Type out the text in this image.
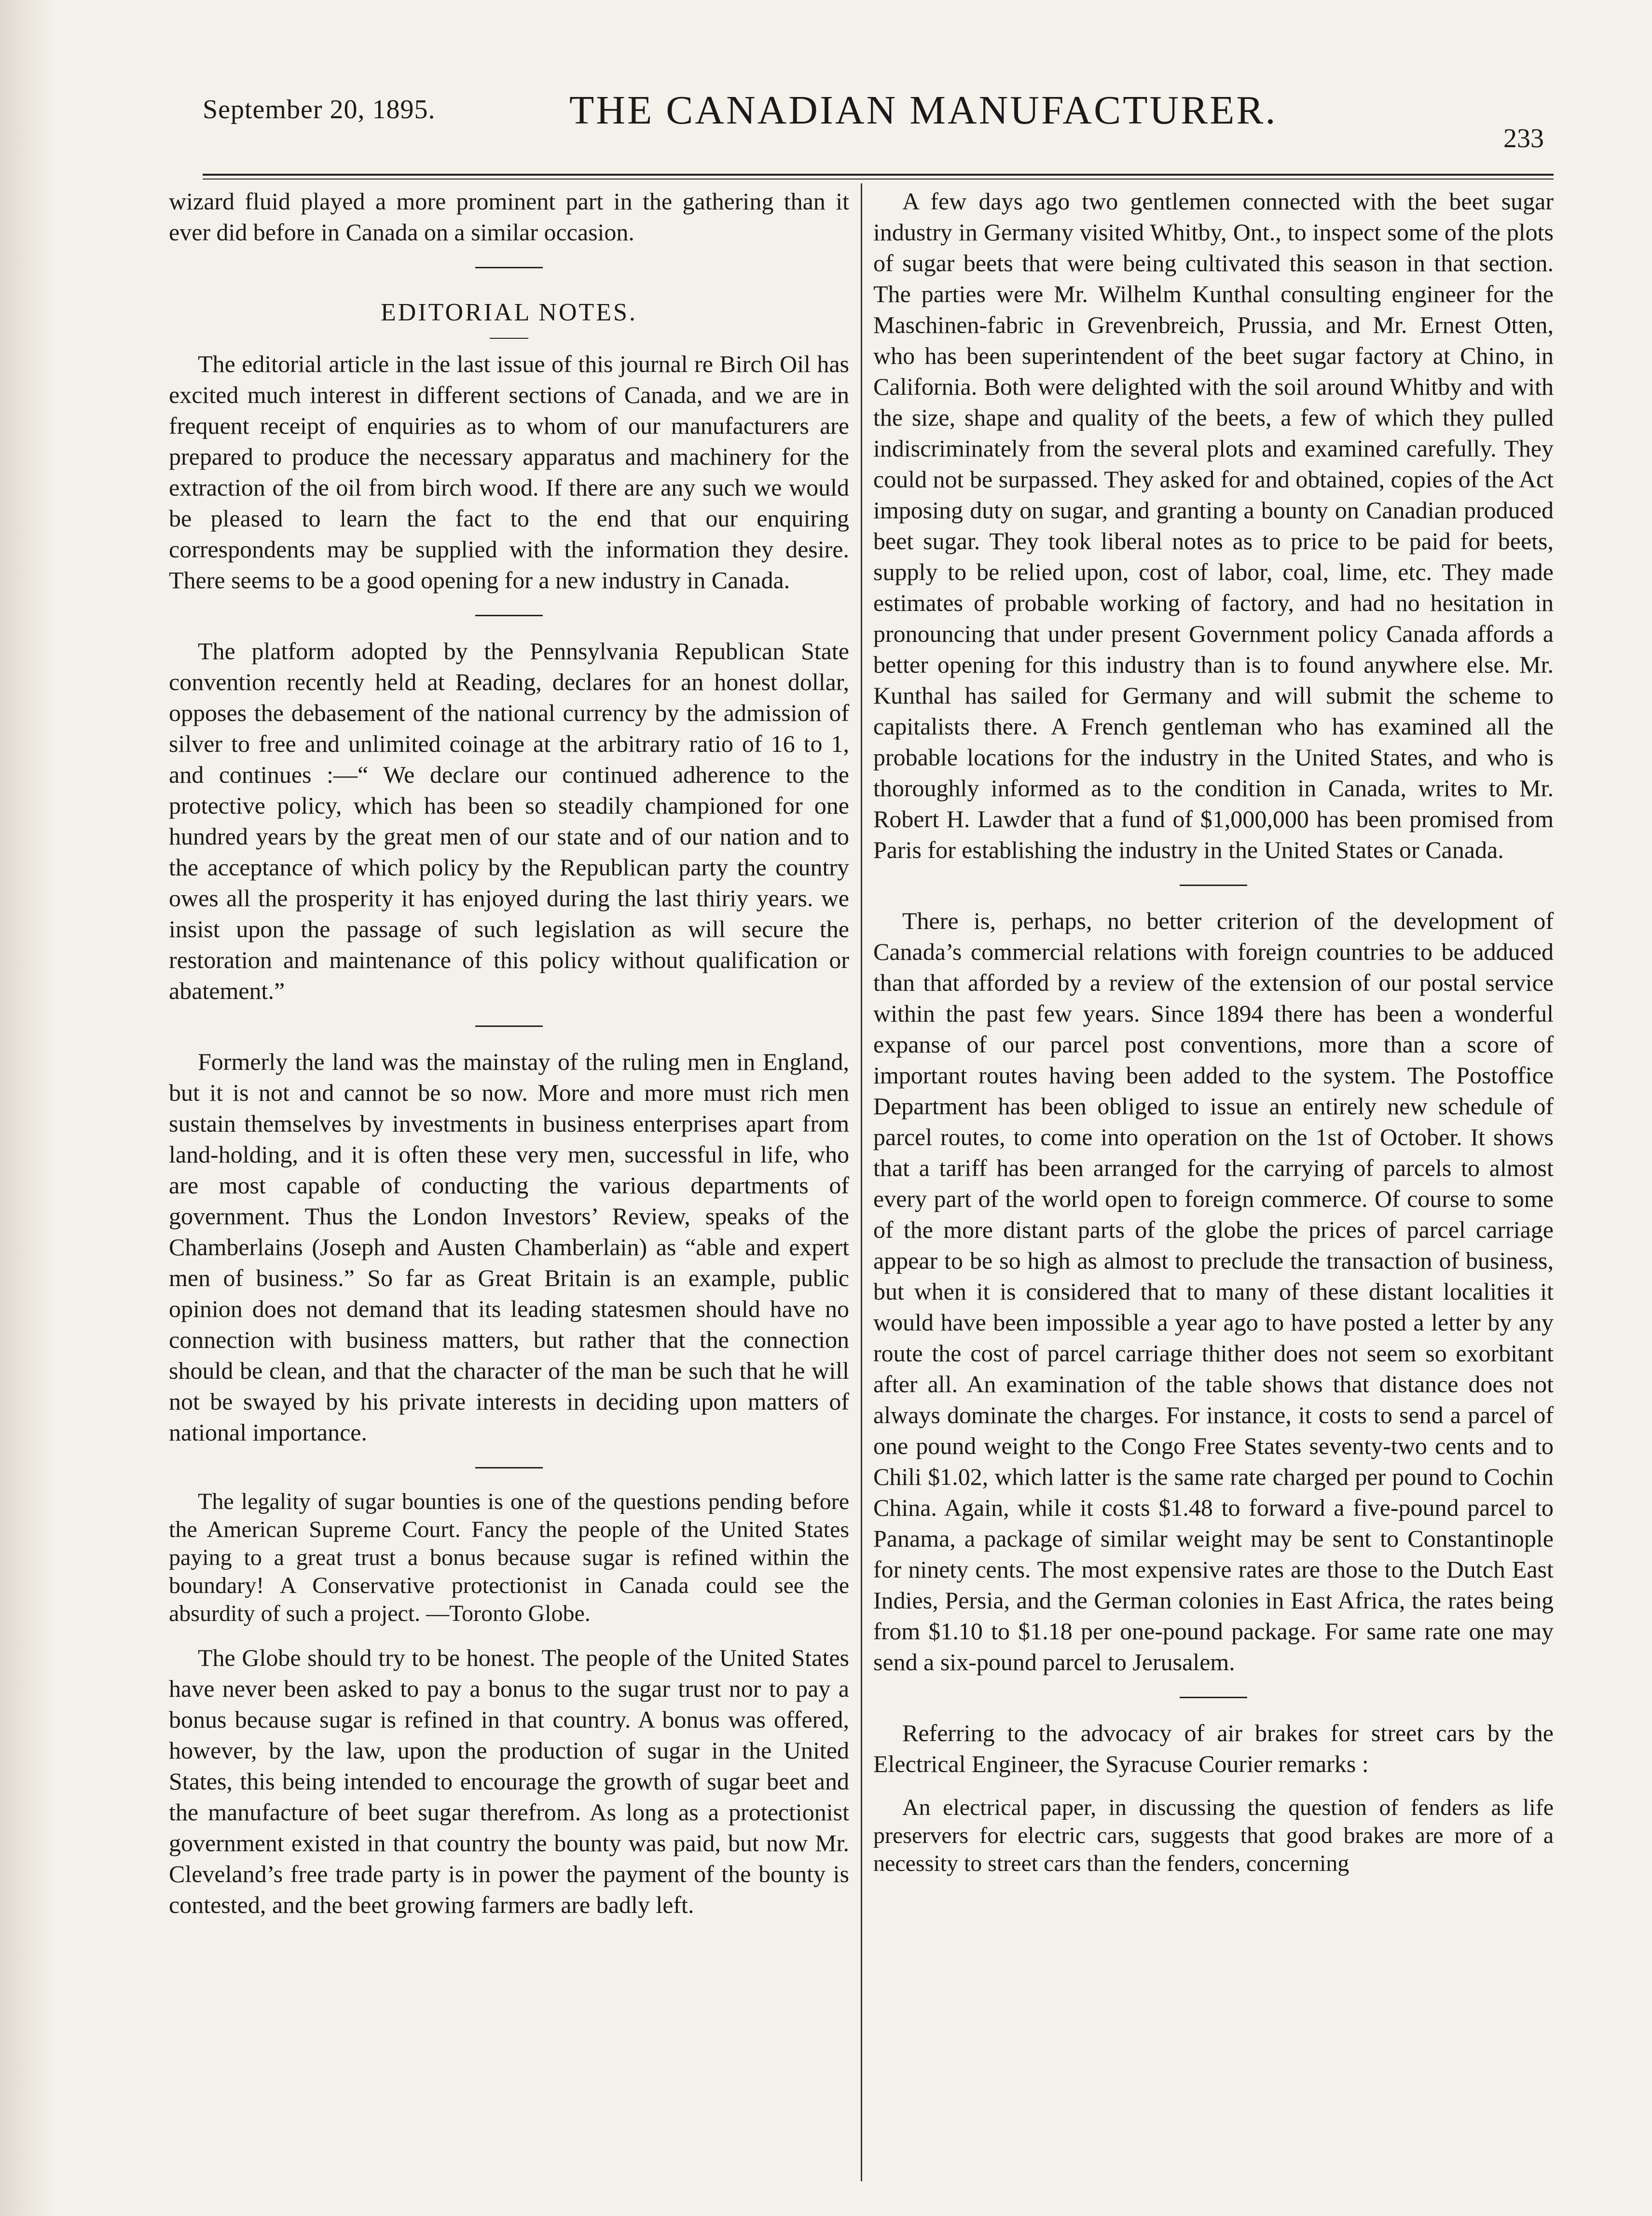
September 20, 1895.	THE CANADIAN MANUFACTURER.
233

wizard fluid played a more prominent part in the gathering than it ever did before in Canada on a similar occasion.

EDITORIAL NOTES.

The editorial article in the last issue of this journal re Birch Oil has excited much interest in different sections of Canada, and we are in frequent receipt of enquiries as to whom of our manufacturers are prepared to produce the necessary apparatus and machinery for the extraction of the oil from birch wood. If there are any such we would be pleased to learn the fact to the end that our enquiring correspondents may be supplied with the information they desire. There seems to be a good opening for a new industry in Canada.

The platform adopted by the Pennsylvania Republican State convention recently held at Reading, declares for an honest dollar, opposes the debasement of the national currency by the admission of silver to free and unlimited coinage at the arbitrary ratio of 16 to 1, and continues :—“ We declare our continued adherence to the protective policy, which has been so steadily championed for one hundred years by the great men of our state and of our nation and to the acceptance of which policy by the Republican party the country owes all the prosperity it has enjoyed during the last thiriy years. we insist upon the passage of such legislation as will secure the restoration and maintenance of this policy without qualification or abatement.”

Formerly the land was the mainstay of the ruling men in England, but it is not and cannot be so now. More and more must rich men sustain themselves by investments in business enterprises apart from land-holding, and it is often these very men, successful in life, who are most capable of conducting the various departments of government. Thus the London Investors’ Review, speaks of the Chamberlains (Joseph and Austen Chamberlain) as “able and expert men of business.” So far as Great Britain is an example, public opinion does not demand that its leading statesmen should have no connection with business matters, but rather that the connection should be clean, and that the character of the man be such that he will not be swayed by his private interests in deciding upon matters of national importance.

The legality of sugar bounties is one of the questions pending before the American Supreme Court. Fancy the people of the United States paying to a great trust a bonus because sugar is refined within the boundary! A Conservative protectionist in Canada could see the absurdity of such a project. —Toronto Globe.

The Globe should try to be honest. The people of the United States have never been asked to pay a bonus to the sugar trust nor to pay a bonus because sugar is refined in that country. A bonus was offered, however, by the law, upon the production of sugar in the United States, this being intended to encourage the growth of sugar beet and the manufacture of beet sugar therefrom. As long as a protectionist government existed in that country the bounty was paid, but now Mr. Cleveland’s free trade party is in power the payment of the bounty is contested, and the beet growing farmers are badly left.

A few days ago two gentlemen connected with the beet sugar industry in Germany visited Whitby, Ont., to inspect some of the plots of sugar beets that were being cultivated this season in that section. The parties were Mr. Wilhelm Kunthal consulting engineer for the Maschinen-fabric in Grevenbreich, Prussia, and Mr. Ernest Otten, who has been superintendent of the beet sugar factory at Chino, in California. Both were delighted with the soil around Whitby and with the size, shape and quality of the beets, a few of which they pulled indiscriminately from the several plots and examined carefully. They could not be surpassed. They asked for and obtained, copies of the Act imposing duty on sugar, and granting a bounty on Canadian produced beet sugar. They took liberal notes as to price to be paid for beets, supply to be relied upon, cost of labor, coal, lime, etc. They made estimates of probable working of factory, and had no hesitation in pronouncing that under present Government policy Canada affords a better opening for this industry than is to found anywhere else. Mr. Kunthal has sailed for Germany and will submit the scheme to capitalists there. A French gentleman who has examined all the probable locations for the industry in the United States, and who is thoroughly informed as to the condition in Canada, writes to Mr. Robert H. Lawder that a fund of $1,000,000 has been promised from Paris for establishing the industry in the United States or Canada.

There is, perhaps, no better criterion of the development of Canada’s commercial relations with foreign countries to be adduced than that afforded by a review of the extension of our postal service within the past few years. Since 1894 there has been a wonderful expanse of our parcel post conventions, more than a score of important routes having been added to the system. The Postoffice Department has been obliged to issue an entirely new schedule of parcel routes, to come into operation on the 1st of October. It shows that a tariff has been arranged for the carrying of parcels to almost every part of the world open to foreign commerce. Of course to some of the more distant parts of the globe the prices of parcel carriage appear to be so high as almost to preclude the transaction of business, but when it is considered that to many of these distant localities it would have been impossible a year ago to have posted a letter by any route the cost of parcel carriage thither does not seem so exorbitant after all. An examination of the table shows that distance does not always dominate the charges. For instance, it costs to send a parcel of one pound weight to the Congo Free States seventy-two cents and to Chili $1.02, which latter is the same rate charged per pound to Cochin China. Again, while it costs $1.48 to forward a five-pound parcel to Panama, a package of similar weight may be sent to Constantinople for ninety cents. The most expensive rates are those to the Dutch East Indies, Persia, and the German colonies in East Africa, the rates being from $1.10 to $1.18 per one-pound package. For same rate one may send a six-pound parcel to Jerusalem.

Referring to the advocacy of air brakes for street cars by the Electrical Engineer, the Syracuse Courier remarks :

An electrical paper, in discussing the question of fenders as life preservers for electric cars, suggests that good brakes are more of a necessity to street cars than the fenders, concerning
